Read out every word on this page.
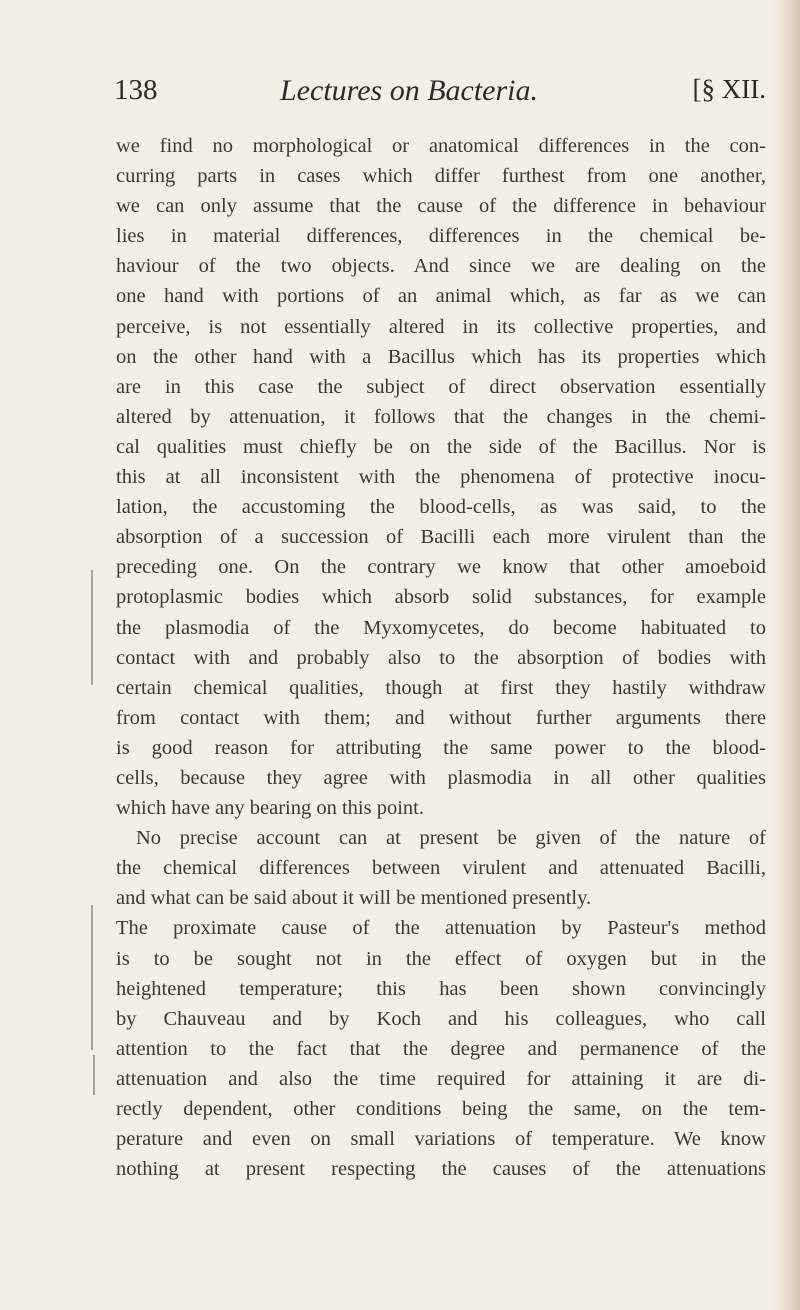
138	Lectures on Bacteria.	[§ XII.
we find no morphological or anatomical differences in the con-
curring parts in cases which differ furthest from one another,
we can only assume that the cause of the difference in behaviour
lies in material differences, differences in the chemical be-
haviour of the two objects. And since we are dealing on the
one hand with portions of an animal which, as far as we can
perceive, is not essentially altered in its collective properties, and
on the other hand with a Bacillus which has its properties which
are in this case the subject of direct observation essentially
altered by attenuation, it follows that the changes in the chemi-
cal qualities must chiefly be on the side of the Bacillus. Nor is
this at all inconsistent with the phenomena of protective inocu-
lation, the accustoming the blood-cells, as was said, to the
absorption of a succession of Bacilli each more virulent than the
preceding one. On the contrary we know that other amoeboid
protoplasmic bodies which absorb solid substances, for example
the plasmodia of the Myxomycetes, do become habituated to
contact with and probably also to the absorption of bodies with
certain chemical qualities, though at first they hastily withdraw
from contact with them; and without further arguments there
is good reason for attributing the same power to the blood-
cells, because they agree with plasmodia in all other qualities
which have any bearing on this point.
No precise account can at present be given of the nature of
the chemical differences between virulent and attenuated Bacilli,
and what can be said about it will be mentioned presently.
The proximate cause of the attenuation by Pasteur's method
is to be sought not in the effect of oxygen but in the
heightened temperature; this has been shown convincingly
by Chauveau and by Koch and his colleagues, who call
attention to the fact that the degree and permanence of the
attenuation and also the time required for attaining it are di-
rectly dependent, other conditions being the same, on the tem-
perature and even on small variations of temperature. We know
nothing at present respecting the causes of the attenuations
